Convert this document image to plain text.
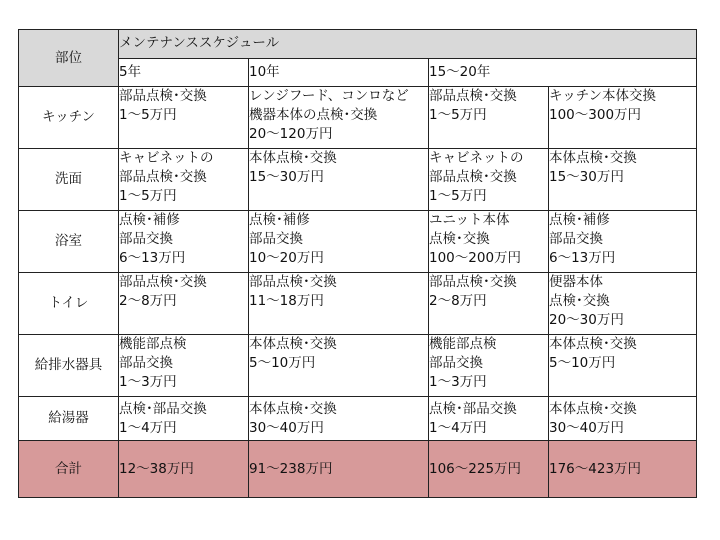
部位	メンテナンススケジュール			
	5年	10年	15〜20年	
キッチン	部品点検･交換
1〜5万円	レンジフード、コンロなど
機器本体の点検･交換
20〜120万円	部品点検･交換
1〜5万円	キッチン本体交換
100〜300万円

洗面	キャビネットの
部品点検･交換
1〜5万円	本体点検･交換
15〜30万円	キャビネットの
部品点検･交換
1〜5万円	本体点検･交換
15〜30万円

浴室	点検･補修
部品交換
6〜13万円	点検･補修
部品交換
10〜20万円	ユニット本体
点検･交換
100〜200万円	点検･補修
部品交換
6〜13万円

トイレ	部品点検･交換
2〜8万円	部品点検･交換
11〜18万円	部品点検･交換
2〜8万円	便器本体
点検･交換
20〜30万円

給排水器具	機能部点検
部品交換
1〜3万円	本体点検･交換
5〜10万円	機能部点検
部品交換
1〜3万円	本体点検･交換
5〜10万円

給湯器	点検･部品交換
1〜4万円	本体点検･交換
30〜40万円	点検･部品交換
1〜4万円	本体点検･交換
30〜40万円

合計	12〜38万円	91〜238万円	106〜225万円	176〜423万円
